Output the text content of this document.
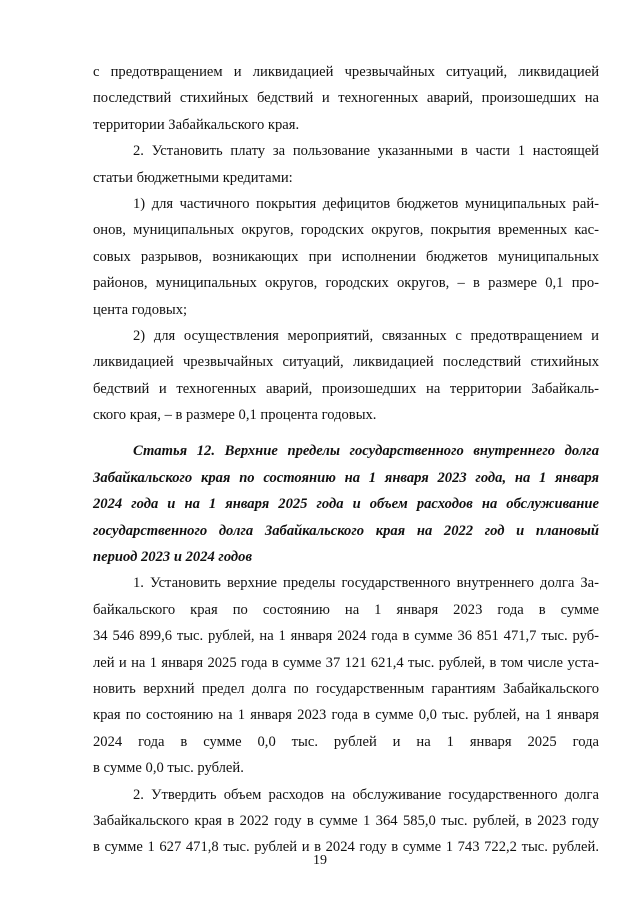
с предотвращением и ликвидацией чрезвычайных ситуаций, ликвидацией
последствий стихийных бедствий и техногенных аварий, произошедших на
территории Забайкальского края.
2. Установить плату за пользование указанными в части 1 настоящей
статьи бюджетными кредитами:
1) для частичного покрытия дефицитов бюджетов муниципальных рай-
онов, муниципальных округов, городских округов, покрытия временных кас-
совых разрывов, возникающих при исполнении бюджетов муниципальных
районов, муниципальных округов, городских округов, – в размере 0,1 про-
цента годовых;
2) для осуществления мероприятий, связанных с предотвращением и
ликвидацией чрезвычайных ситуаций, ликвидацией последствий стихийных
бедствий и техногенных аварий, произошедших на территории Забайкаль-
ского края, – в размере 0,1 процента годовых.
Статья 12. Верхние пределы государственного внутреннего долга
Забайкальского края по состоянию на 1 января 2023 года, на 1 января
2024 года и на 1 января 2025 года и объем расходов на обслуживание
государственного долга Забайкальского края на 2022 год и плановый
период 2023 и 2024 годов
1. Установить верхние пределы государственного внутреннего долга За-
байкальского края по состоянию на 1 января 2023 года в сумме
34 546 899,6 тыс. рублей, на 1 января 2024 года в сумме 36 851 471,7 тыс. руб-
лей и на 1 января 2025 года в сумме 37 121 621,4 тыс. рублей, в том числе уста-
новить верхний предел долга по государственным гарантиям Забайкальского
края по состоянию на 1 января 2023 года в сумме 0,0 тыс. рублей, на 1 января
2024 года в сумме 0,0 тыс. рублей и на 1 января 2025 года
в сумме 0,0 тыс. рублей.
2. Утвердить объем расходов на обслуживание государственного долга
Забайкальского края в 2022 году в сумме 1 364 585,0 тыс. рублей, в 2023 году
в сумме 1 627 471,8 тыс. рублей и в 2024 году в сумме 1 743 722,2 тыс. рублей.
19
